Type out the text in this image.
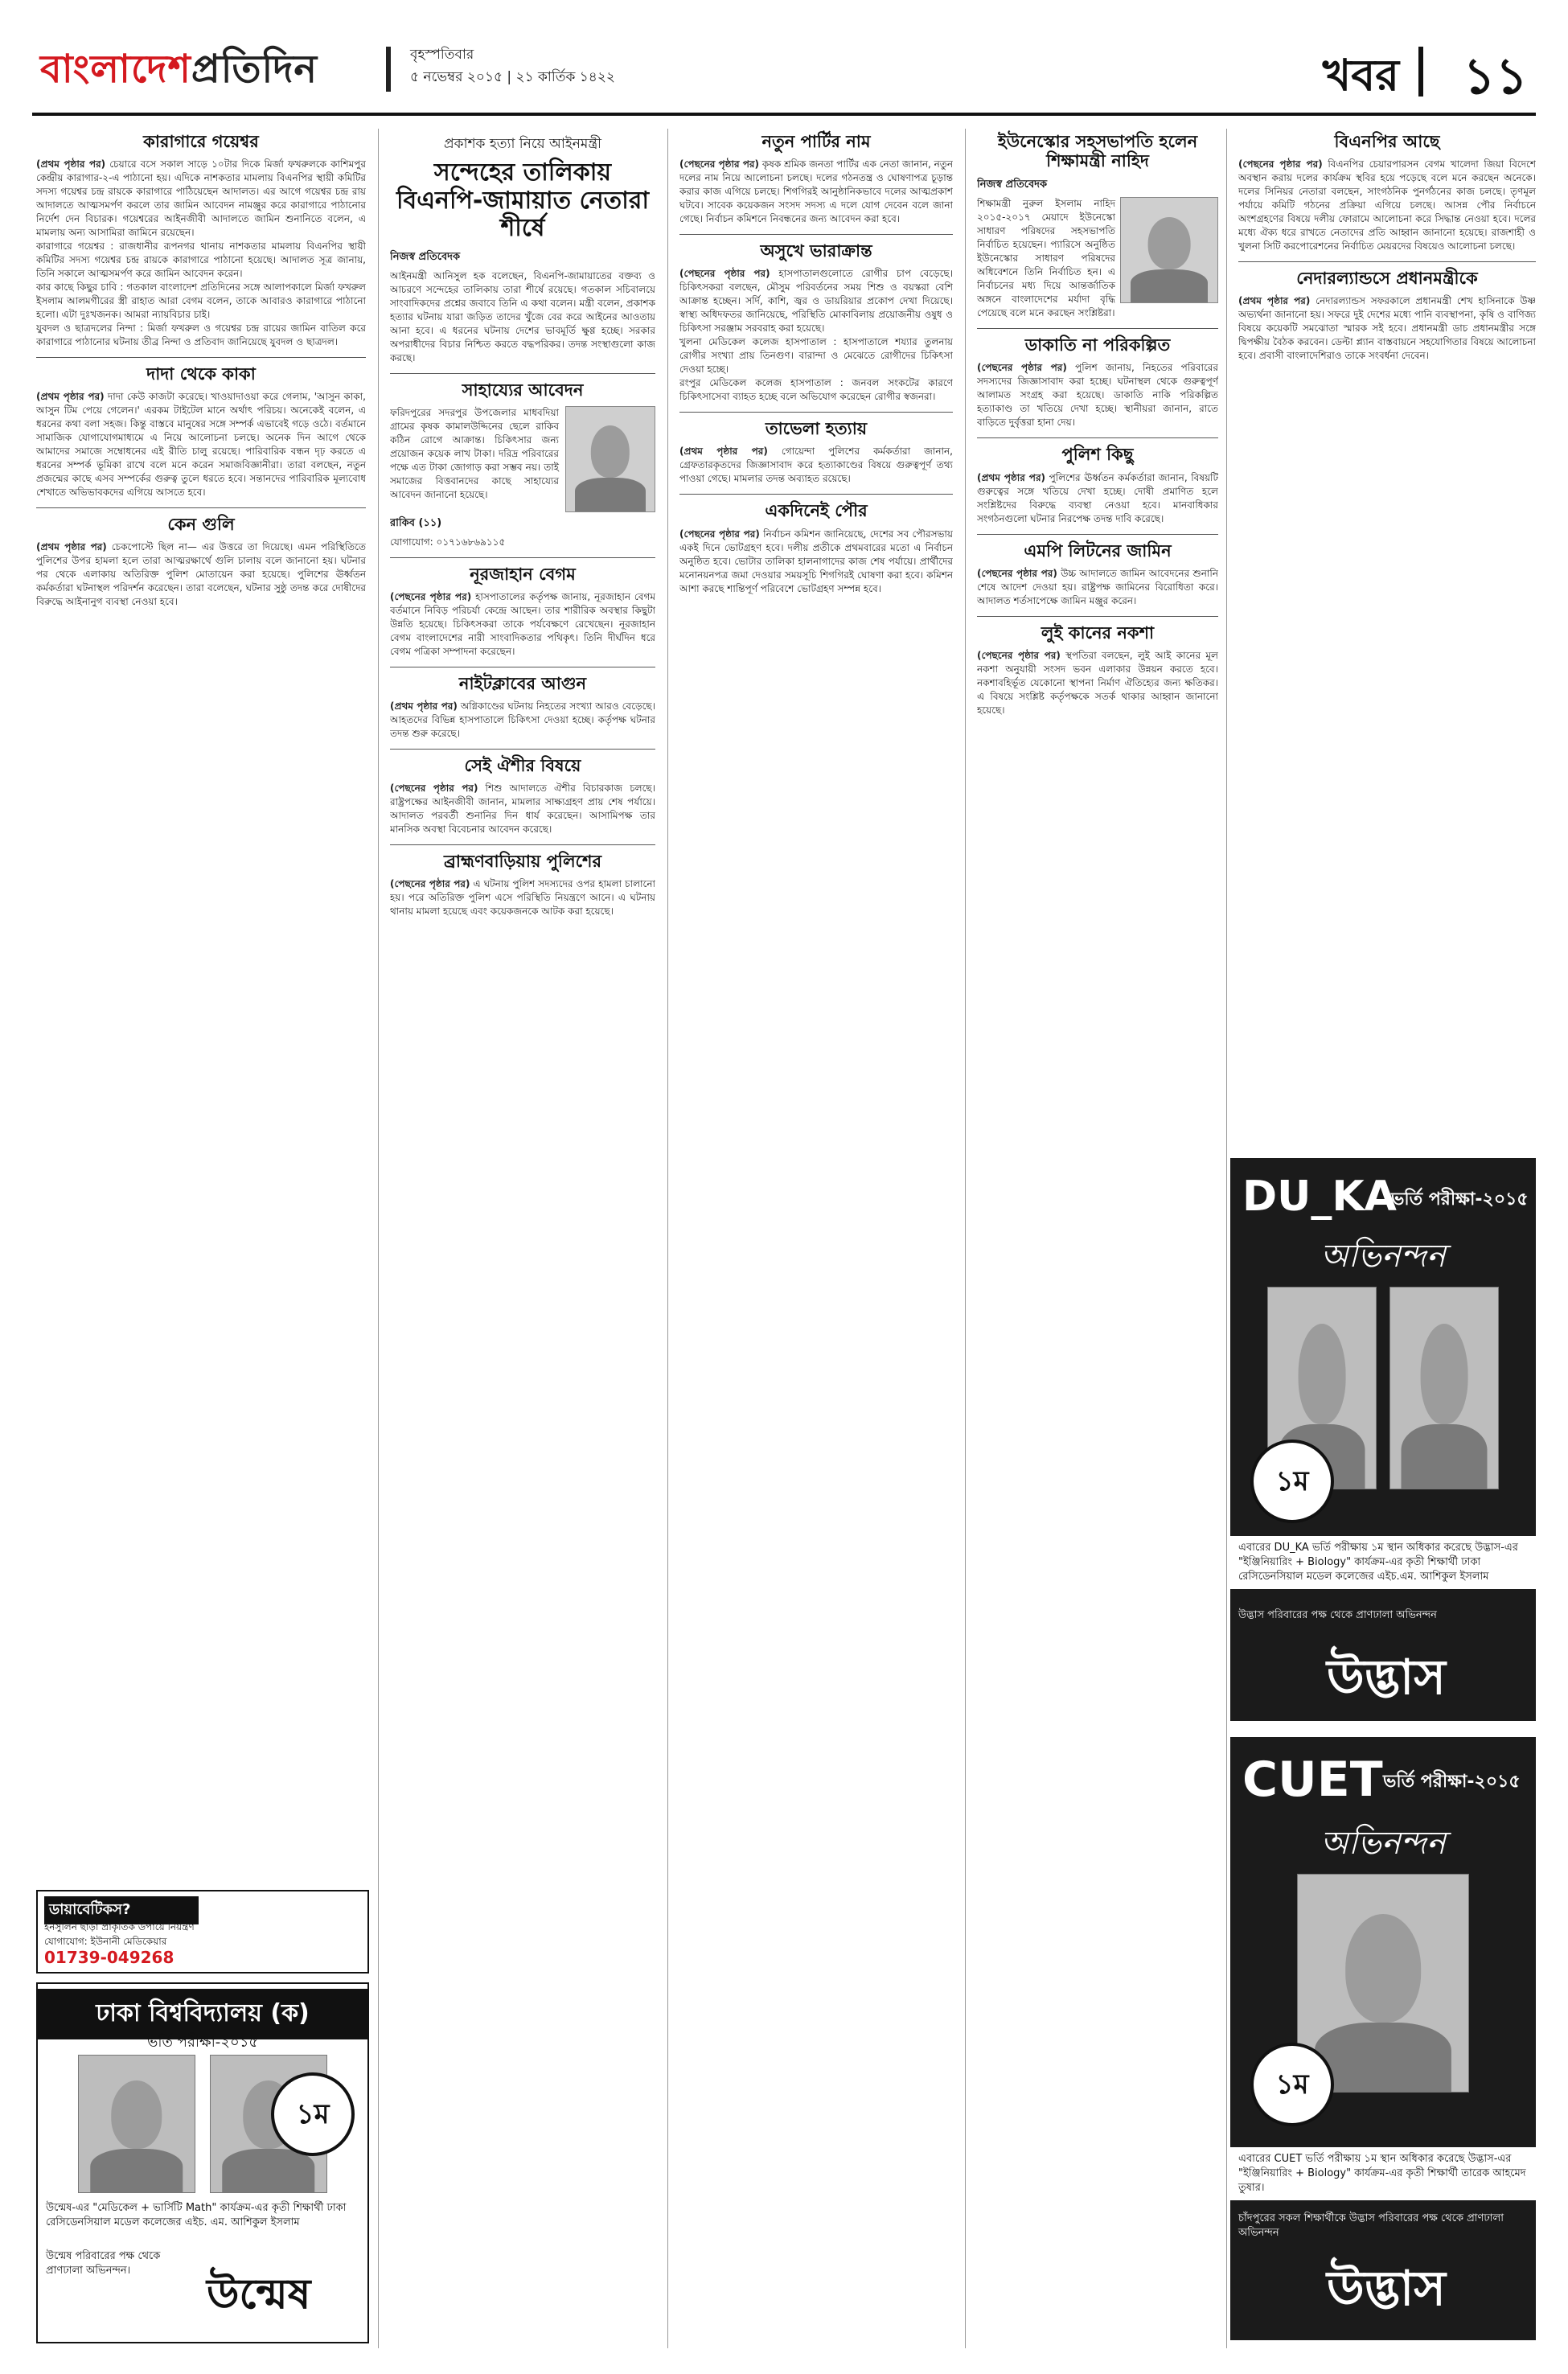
বাংলাদেশপ্রতিদিন	বৃহস্পতিবার
৫ নভেম্বর ২০১৫ | ২১ কার্তিক ১৪২২	খবর ১১
কারাগারে গয়েশ্বর

(প্রথম পৃষ্ঠার পর) চেয়ারে বসে সকাল সাড়ে ১০টার দিকে মির্জা ফখরুলকে কাশিমপুর কেন্দ্রীয় কারাগার-২-এ পাঠানো হয়। এদিকে নাশকতার মামলায় বিএনপির স্থায়ী কমিটির সদস্য গয়েশ্বর চন্দ্র রায়কে কারাগারে পাঠিয়েছেন আদালত। এর আগে গয়েশ্বর চন্দ্র রায় আদালতে আত্মসমর্পণ করলে তার জামিন আবেদন নামঞ্জুর করে কারাগারে পাঠানোর নির্দেশ দেন বিচারক। গয়েশ্বরের আইনজীবী আদালতে জামিন শুনানিতে বলেন, এ মামলায় অন্য আসামিরা জামিনে রয়েছেন।

কারাগারে গয়েশ্বর : রাজধানীর রূপনগর থানায় নাশকতার মামলায় বিএনপির স্থায়ী কমিটির সদস্য গয়েশ্বর চন্দ্র রায়কে কারাগারে পাঠানো হয়েছে। আদালত সূত্র জানায়, তিনি সকালে আত্মসমর্পণ করে জামিন আবেদন করেন।

কার কাছে কিছুর চাবি : গতকাল বাংলাদেশ প্রতিদিনের সঙ্গে আলাপকালে মির্জা ফখরুল ইসলাম আলমগীরের স্ত্রী রাহাত আরা বেগম বলেন, তাকে আবারও কারাগারে পাঠানো হলো। এটা দুঃখজনক। আমরা ন্যায়বিচার চাই।

যুবদল ও ছাত্রদলের নিন্দা : মির্জা ফখরুল ও গয়েশ্বর চন্দ্র রায়ের জামিন বাতিল করে কারাগারে পাঠানোর ঘটনায় তীব্র নিন্দা ও প্রতিবাদ জানিয়েছে যুবদল ও ছাত্রদল।

দাদা থেকে কাকা

(প্রথম পৃষ্ঠার পর) দাদা কেউ কাজটা করেছে। খাওয়াদাওয়া করে গেলাম, 'আসুন কাকা, আসুন টিম পেয়ে গেলেন।' এরকম টাইটেল মানে অর্থাৎ পরিচয়। অনেকেই বলেন, এ ধরনের কথা বলা সহজ। কিন্তু বাস্তবে মানুষের সঙ্গে সম্পর্ক এভাবেই গড়ে ওঠে। বর্তমানে সামাজিক যোগাযোগমাধ্যমে এ নিয়ে আলোচনা চলছে। অনেক দিন আগে থেকে আমাদের সমাজে সম্বোধনের এই রীতি চালু রয়েছে। পারিবারিক বন্ধন দৃঢ় করতে এ ধরনের সম্পর্ক ভূমিকা রাখে বলে মনে করেন সমাজবিজ্ঞানীরা। তারা বলছেন, নতুন প্রজন্মের কাছে এসব সম্পর্কের গুরুত্ব তুলে ধরতে হবে। সন্তানদের পারিবারিক মূল্যবোধ শেখাতে অভিভাবকদের এগিয়ে আসতে হবে।

কেন গুলি

(প্রথম পৃষ্ঠার পর) চেকপোস্টে ছিল না— এর উত্তরে তা দিয়েছে। এমন পরিস্থিতিতে পুলিশের উপর হামলা হলে তারা আত্মরক্ষার্থে গুলি চালায় বলে জানানো হয়। ঘটনার পর থেকে এলাকায় অতিরিক্ত পুলিশ মোতায়েন করা হয়েছে। পুলিশের ঊর্ধ্বতন কর্মকর্তারা ঘটনাস্থল পরিদর্শন করেছেন। তারা বলেছেন, ঘটনার সুষ্ঠু তদন্ত করে দোষীদের বিরুদ্ধে আইনানুগ ব্যবস্থা নেওয়া হবে।

ডায়াবেটিকস?
ইনসুলিন ছাড়া প্রাকৃতিক উপায়ে নিয়ন্ত্রণ
যোগাযোগ: ইউনানী মেডিকেয়ার
01739-049268
ঢাকা বিশ্ববিদ্যালয় (ক)
ভর্তি পরীক্ষা-২০১৫
১ম
উন্মেষ-এর "মেডিকেল + ভার্সিটি Math" কার্যক্রম-এর কৃতী শিক্ষার্থী ঢাকা রেসিডেনসিয়াল মডেল কলেজের এইচ. এম. আশিকুল ইসলাম
উন্মেষ পরিবারের পক্ষ থেকে প্রাণঢালা অভিনন্দন।	উন্মেষ
প্রকাশক হত্যা নিয়ে আইনমন্ত্রী
সন্দেহের তালিকায় বিএনপি-জামায়াত নেতারা শীর্ষে
নিজস্ব প্রতিবেদক

আইনমন্ত্রী আনিসুল হক বলেছেন, বিএনপি-জামায়াতের বক্তব্য ও আচরণে সন্দেহের তালিকায় তারা শীর্ষে রয়েছে। গতকাল সচিবালয়ে সাংবাদিকদের প্রশ্নের জবাবে তিনি এ কথা বলেন। মন্ত্রী বলেন, প্রকাশক হত্যার ঘটনায় যারা জড়িত তাদের খুঁজে বের করে আইনের আওতায় আনা হবে। এ ধরনের ঘটনায় দেশের ভাবমূর্তি ক্ষুণ্ণ হচ্ছে। সরকার অপরাধীদের বিচার নিশ্চিত করতে বদ্ধপরিকর। তদন্ত সংস্থাগুলো কাজ করছে।

সাহায্যের আবেদন

ফরিদপুরের সদরপুর উপজেলার মাধবদিয়া গ্রামের কৃষক কামালউদ্দিনের ছেলে রাকিব কঠিন রোগে আক্রান্ত। চিকিৎসার জন্য প্রয়োজন কয়েক লাখ টাকা। দরিদ্র পরিবারের পক্ষে এত টাকা জোগাড় করা সম্ভব নয়। তাই সমাজের বিত্তবানদের কাছে সাহায্যের আবেদন জানানো হয়েছে।

রাকিব (১১)

যোগাযোগ: ০১৭১৬৮৬৯১১৫

নূরজাহান বেগম

(পেছনের পৃষ্ঠার পর) হাসপাতালের কর্তৃপক্ষ জানায়, নূরজাহান বেগম বর্তমানে নিবিড় পরিচর্যা কেন্দ্রে আছেন। তার শারীরিক অবস্থার কিছুটা উন্নতি হয়েছে। চিকিৎসকরা তাকে পর্যবেক্ষণে রেখেছেন। নূরজাহান বেগম বাংলাদেশের নারী সাংবাদিকতার পথিকৃৎ। তিনি দীর্ঘদিন ধরে বেগম পত্রিকা সম্পাদনা করেছেন।

নাইটক্লাবের আগুন

(প্রথম পৃষ্ঠার পর) অগ্নিকাণ্ডের ঘটনায় নিহতের সংখ্যা আরও বেড়েছে। আহতদের বিভিন্ন হাসপাতালে চিকিৎসা দেওয়া হচ্ছে। কর্তৃপক্ষ ঘটনার তদন্ত শুরু করেছে।

সেই ঐশীর বিষয়ে

(পেছনের পৃষ্ঠার পর) শিশু আদালতে ঐশীর বিচারকাজ চলছে। রাষ্ট্রপক্ষের আইনজীবী জানান, মামলার সাক্ষ্যগ্রহণ প্রায় শেষ পর্যায়ে। আদালত পরবর্তী শুনানির দিন ধার্য করেছেন। আসামিপক্ষ তার মানসিক অবস্থা বিবেচনার আবেদন করেছে।

ব্রাহ্মণবাড়িয়ায় পুলিশের

(পেছনের পৃষ্ঠার পর) এ ঘটনায় পুলিশ সদস্যদের ওপর হামলা চালানো হয়। পরে অতিরিক্ত পুলিশ এসে পরিস্থিতি নিয়ন্ত্রণে আনে। এ ঘটনায় থানায় মামলা হয়েছে এবং কয়েকজনকে আটক করা হয়েছে।

নতুন পার্টির নাম

(পেছনের পৃষ্ঠার পর) কৃষক শ্রমিক জনতা পার্টির এক নেতা জানান, নতুন দলের নাম নিয়ে আলোচনা চলছে। দলের গঠনতন্ত্র ও ঘোষণাপত্র চূড়ান্ত করার কাজ এগিয়ে চলছে। শিগগিরই আনুষ্ঠানিকভাবে দলের আত্মপ্রকাশ ঘটবে। সাবেক কয়েকজন সংসদ সদস্য এ দলে যোগ দেবেন বলে জানা গেছে। নির্বাচন কমিশনে নিবন্ধনের জন্য আবেদন করা হবে।

অসুখে ভারাক্রান্ত

(পেছনের পৃষ্ঠার পর) হাসপাতালগুলোতে রোগীর চাপ বেড়েছে। চিকিৎসকরা বলছেন, মৌসুম পরিবর্তনের সময় শিশু ও বয়স্করা বেশি আক্রান্ত হচ্ছেন। সর্দি, কাশি, জ্বর ও ডায়রিয়ার প্রকোপ দেখা দিয়েছে। স্বাস্থ্য অধিদফতর জানিয়েছে, পরিস্থিতি মোকাবিলায় প্রয়োজনীয় ওষুধ ও চিকিৎসা সরঞ্জাম সরবরাহ করা হয়েছে।

খুলনা মেডিকেল কলেজ হাসপাতাল : হাসপাতালে শয্যার তুলনায় রোগীর সংখ্যা প্রায় তিনগুণ। বারান্দা ও মেঝেতে রোগীদের চিকিৎসা দেওয়া হচ্ছে।

রংপুর মেডিকেল কলেজ হাসপাতাল : জনবল সংকটের কারণে চিকিৎসাসেবা ব্যাহত হচ্ছে বলে অভিযোগ করেছেন রোগীর স্বজনরা।

তাভেলা হত্যায়

(প্রথম পৃষ্ঠার পর) গোয়েন্দা পুলিশের কর্মকর্তারা জানান, গ্রেফতারকৃতদের জিজ্ঞাসাবাদ করে হত্যাকাণ্ডের বিষয়ে গুরুত্বপূর্ণ তথ্য পাওয়া গেছে। মামলার তদন্ত অব্যাহত রয়েছে।

একদিনেই পৌর

(পেছনের পৃষ্ঠার পর) নির্বাচন কমিশন জানিয়েছে, দেশের সব পৌরসভায় একই দিনে ভোটগ্রহণ হবে। দলীয় প্রতীকে প্রথমবারের মতো এ নির্বাচন অনুষ্ঠিত হবে। ভোটার তালিকা হালনাগাদের কাজ শেষ পর্যায়ে। প্রার্থীদের মনোনয়নপত্র জমা দেওয়ার সময়সূচি শিগগিরই ঘোষণা করা হবে। কমিশন আশা করছে শান্তিপূর্ণ পরিবেশে ভোটগ্রহণ সম্পন্ন হবে।

ইউনেস্কোর সহসভাপতি হলেন শিক্ষামন্ত্রী নাহিদ
নিজস্ব প্রতিবেদক

শিক্ষামন্ত্রী নুরুল ইসলাম নাহিদ ২০১৫-২০১৭ মেয়াদে ইউনেস্কো সাধারণ পরিষদের সহসভাপতি নির্বাচিত হয়েছেন। প্যারিসে অনুষ্ঠিত ইউনেস্কোর সাধারণ পরিষদের অধিবেশনে তিনি নির্বাচিত হন। এ নির্বাচনের মধ্য দিয়ে আন্তর্জাতিক অঙ্গনে বাংলাদেশের মর্যাদা বৃদ্ধি পেয়েছে বলে মনে করছেন সংশ্লিষ্টরা।

ডাকাতি না পরিকল্পিত

(পেছনের পৃষ্ঠার পর) পুলিশ জানায়, নিহতের পরিবারের সদস্যদের জিজ্ঞাসাবাদ করা হচ্ছে। ঘটনাস্থল থেকে গুরুত্বপূর্ণ আলামত সংগ্রহ করা হয়েছে। ডাকাতি নাকি পরিকল্পিত হত্যাকাণ্ড তা খতিয়ে দেখা হচ্ছে। স্থানীয়রা জানান, রাতে বাড়িতে দুর্বৃত্তরা হানা দেয়।

পুলিশ কিছু

(প্রথম পৃষ্ঠার পর) পুলিশের ঊর্ধ্বতন কর্মকর্তারা জানান, বিষয়টি গুরুত্বের সঙ্গে খতিয়ে দেখা হচ্ছে। দোষী প্রমাণিত হলে সংশ্লিষ্টদের বিরুদ্ধে ব্যবস্থা নেওয়া হবে। মানবাধিকার সংগঠনগুলো ঘটনার নিরপেক্ষ তদন্ত দাবি করেছে।

এমপি লিটনের জামিন

(পেছনের পৃষ্ঠার পর) উচ্চ আদালতে জামিন আবেদনের শুনানি শেষে আদেশ দেওয়া হয়। রাষ্ট্রপক্ষ জামিনের বিরোধিতা করে। আদালত শর্তসাপেক্ষে জামিন মঞ্জুর করেন।

লুই কানের নকশা

(পেছনের পৃষ্ঠার পর) স্থপতিরা বলছেন, লুই আই কানের মূল নকশা অনুযায়ী সংসদ ভবন এলাকার উন্নয়ন করতে হবে। নকশাবহির্ভূত যেকোনো স্থাপনা নির্মাণ ঐতিহ্যের জন্য ক্ষতিকর। এ বিষয়ে সংশ্লিষ্ট কর্তৃপক্ষকে সতর্ক থাকার আহ্বান জানানো হয়েছে।

বিএনপির আছে

(পেছনের পৃষ্ঠার পর) বিএনপির চেয়ারপারসন বেগম খালেদা জিয়া বিদেশে অবস্থান করায় দলের কার্যক্রম স্থবির হয়ে পড়েছে বলে মনে করছেন অনেকে। দলের সিনিয়র নেতারা বলছেন, সাংগঠনিক পুনর্গঠনের কাজ চলছে। তৃণমূল পর্যায়ে কমিটি গঠনের প্রক্রিয়া এগিয়ে চলছে। আসন্ন পৌর নির্বাচনে অংশগ্রহণের বিষয়ে দলীয় ফোরামে আলোচনা করে সিদ্ধান্ত নেওয়া হবে। দলের মধ্যে ঐক্য ধরে রাখতে নেতাদের প্রতি আহ্বান জানানো হয়েছে। রাজশাহী ও খুলনা সিটি করপোরেশনের নির্বাচিত মেয়রদের বিষয়েও আলোচনা চলছে।

নেদারল্যান্ডসে প্রধানমন্ত্রীকে

(প্রথম পৃষ্ঠার পর) নেদারল্যান্ডস সফরকালে প্রধানমন্ত্রী শেখ হাসিনাকে উষ্ণ অভ্যর্থনা জানানো হয়। সফরে দুই দেশের মধ্যে পানি ব্যবস্থাপনা, কৃষি ও বাণিজ্য বিষয়ে কয়েকটি সমঝোতা স্মারক সই হবে। প্রধানমন্ত্রী ডাচ প্রধানমন্ত্রীর সঙ্গে দ্বিপক্ষীয় বৈঠক করবেন। ডেল্টা প্ল্যান বাস্তবায়নে সহযোগিতার বিষয়ে আলোচনা হবে। প্রবাসী বাংলাদেশিরাও তাকে সংবর্ধনা দেবেন।

DU_KA
ভর্তি পরীক্ষা-২০১৫
অভিনন্দন
১ম
এবারের DU_KA ভর্তি পরীক্ষায় ১ম স্থান অধিকার করেছে উদ্ভাস-এর "ইঞ্জিনিয়ারিং + Biology" কার্যক্রম-এর কৃতী শিক্ষার্থী ঢাকা রেসিডেনসিয়াল মডেল কলেজের এইচ.এম. আশিকুল ইসলাম
উদ্ভাস পরিবারের পক্ষ থেকে প্রাণঢালা অভিনন্দন
উদ্ভাস
CUET ভর্তি পরীক্ষা-২০১৫
অভিনন্দন
১ম
এবারের CUET ভর্তি পরীক্ষায় ১ম স্থান অধিকার করেছে উদ্ভাস-এর "ইঞ্জিনিয়ারিং + Biology" কার্যক্রম-এর কৃতী শিক্ষার্থী তারেক আহমেদ তুষার।
চাঁদপুরের সকল শিক্ষার্থীকে উদ্ভাস পরিবারের পক্ষ থেকে প্রাণঢালা অভিনন্দন
উদ্ভাস
